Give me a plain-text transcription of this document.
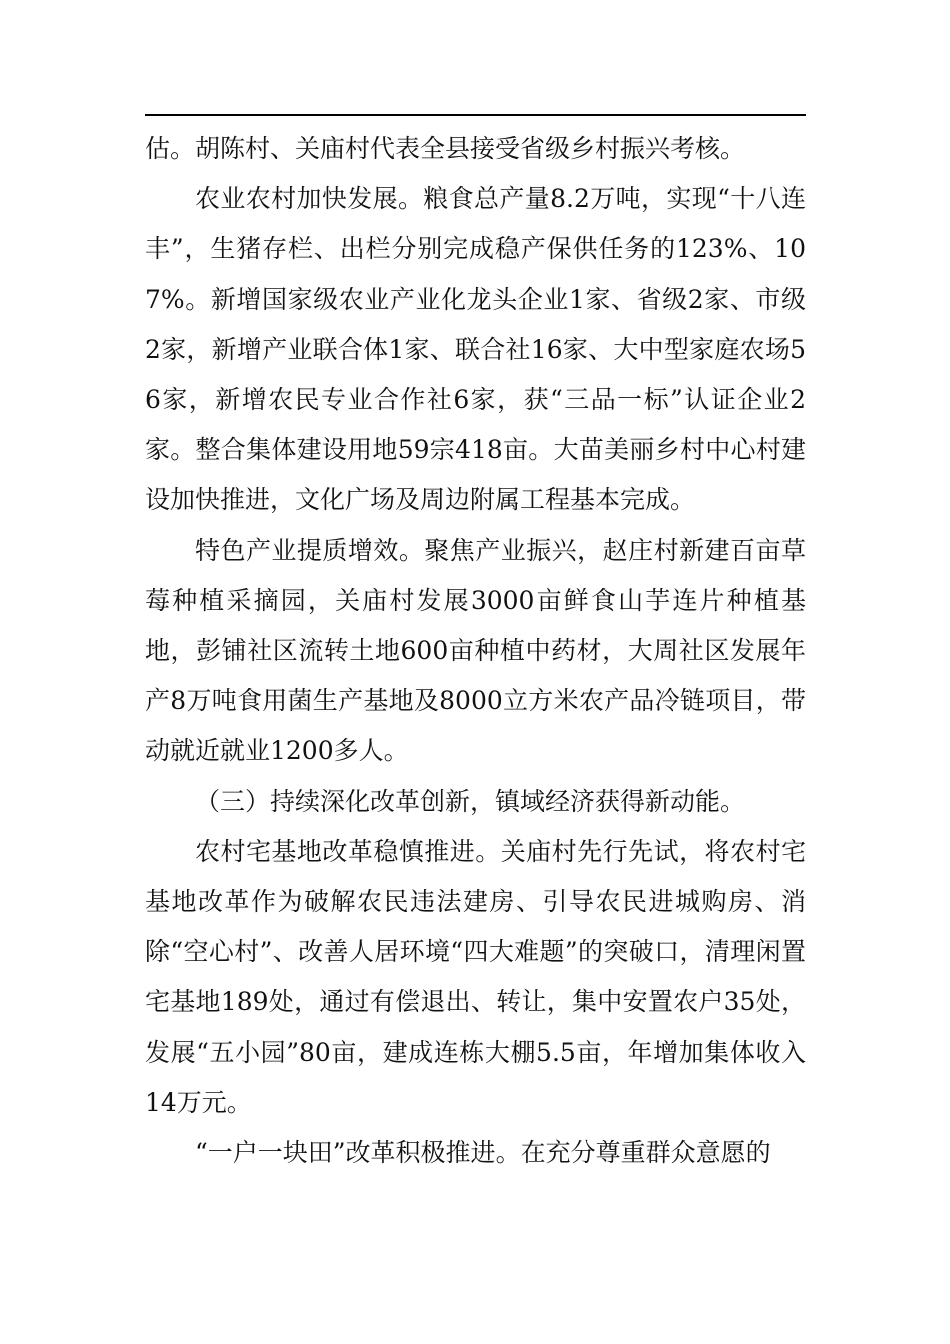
估。胡陈村、关庙村代表全县接受省级乡村振兴考核。

农业农村加快发展。粮食总产量8.2万吨，实现“十八连丰”，生猪存栏、出栏分别完成稳产保供任务的123%、107%。新增国家级农业产业化龙头企业1家、省级2家、市级2家，新增产业联合体1家、联合社16家、大中型家庭农场56家，新增农民专业合作社6家，获“三品一标”认证企业2家。整合集体建设用地59宗418亩。大苗美丽乡村中心村建设加快推进，文化广场及周边附属工程基本完成。

特色产业提质增效。聚焦产业振兴，赵庄村新建百亩草莓种植采摘园，关庙村发展3000亩鲜食山芋连片种植基地，彭铺社区流转土地600亩种植中药材，大周社区发展年产8万吨食用菌生产基地及8000立方米农产品冷链项目，带动就近就业1200多人。

（三）持续深化改革创新，镇域经济获得新动能。

农村宅基地改革稳慎推进。关庙村先行先试，将农村宅基地改革作为破解农民违法建房、引导农民进城购房、消除“空心村”、改善人居环境“四大难题”的突破口，清理闲置宅基地189处，通过有偿退出、转让，集中安置农户35处，发展“五小园”80亩，建成连栋大棚5.5亩，年增加集体收入14万元。

“一户一块田”改革积极推进。在充分尊重群众意愿的
